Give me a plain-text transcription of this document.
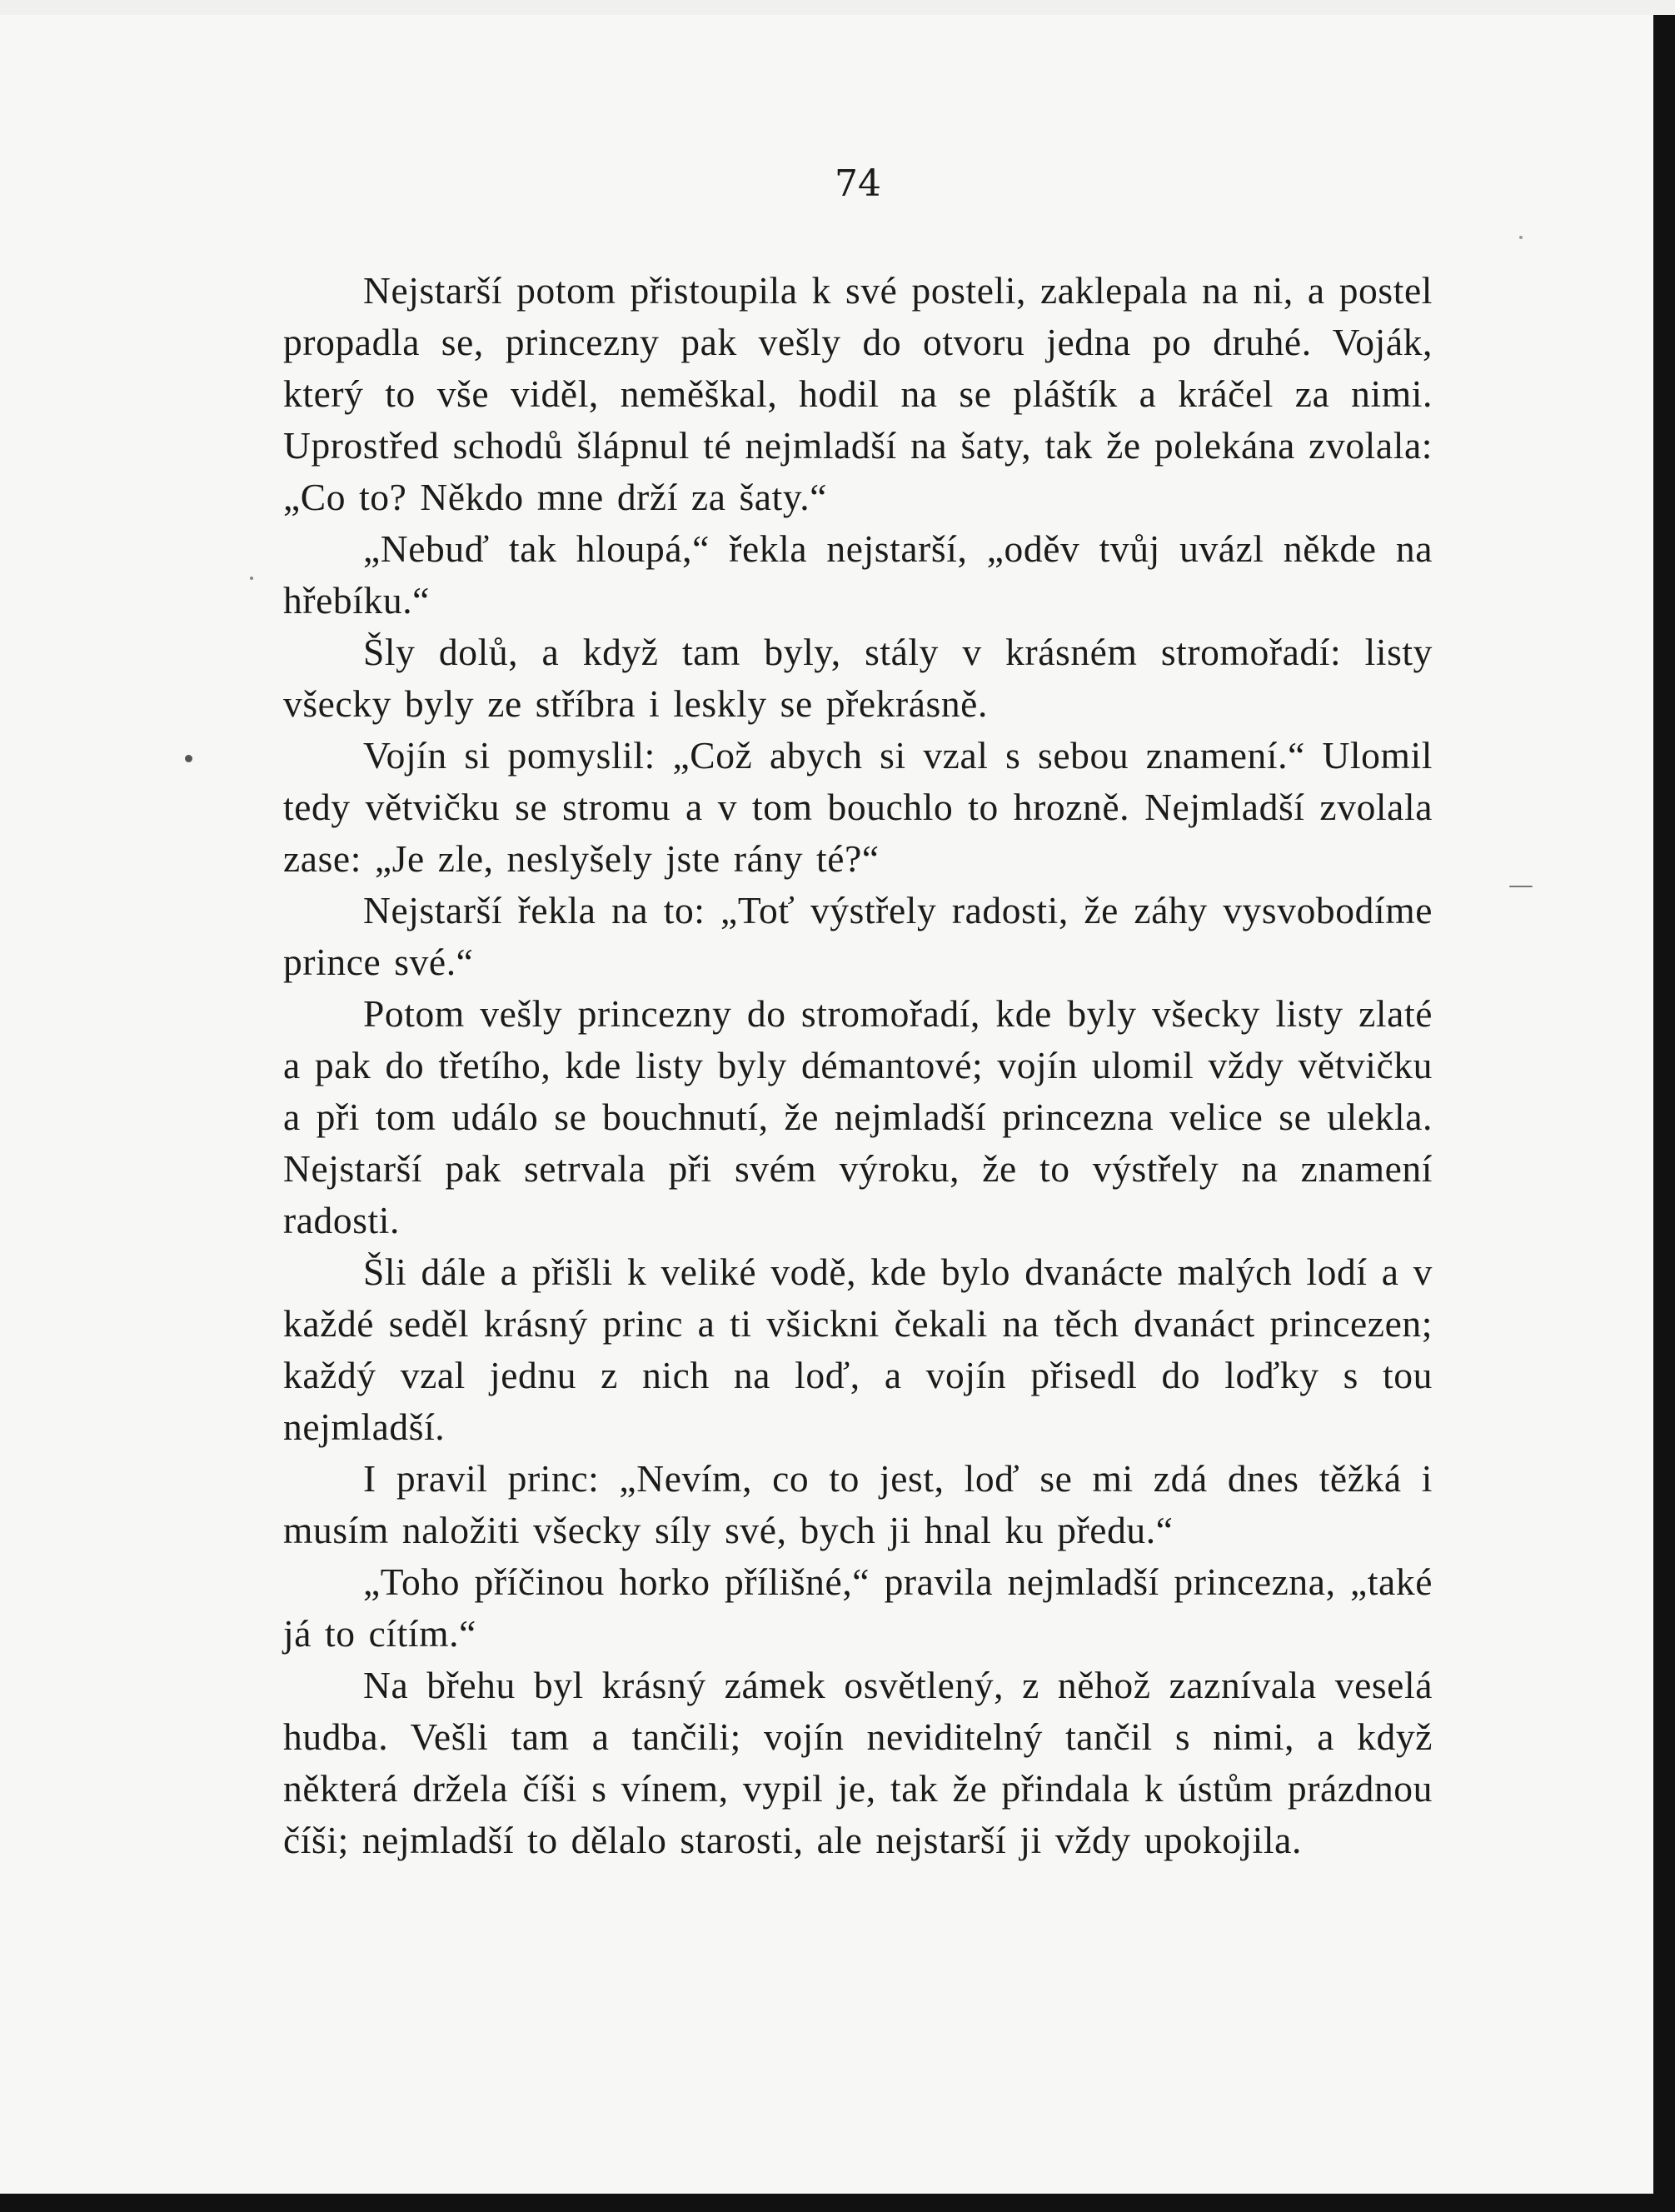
74

Nejstarší potom přistoupila k své posteli, zaklepala na ni, a postel propadla se, princezny pak vešly do otvoru jedna po druhé. Voják, který to vše viděl, neměškal, hodil na se pláštík a kráčel za nimi. Uprostřed schodů šlápnul té nejmladší na šaty, tak že polekána zvolala: „Co to? Někdo mne drží za šaty.“

„Nebuď tak hloupá,“ řekla nejstarší, „oděv tvůj uvázl někde na hřebíku.“

Šly dolů, a když tam byly, stály v krásném stromořadí: listy všecky byly ze stříbra i leskly se překrásně.

Vojín si pomyslil: „Což abych si vzal s sebou znamení.“ Ulomil tedy větvičku se stromu a v tom bouchlo to hrozně. Nejmladší zvolala zase: „Je zle, neslyšely jste rány té?“

Nejstarší řekla na to: „Toť výstřely radosti, že záhy vysvobodíme prince své.“

Potom vešly princezny do stromořadí, kde byly všecky listy zlaté a pak do třetího, kde listy byly démantové; vojín ulomil vždy větvičku a při tom událo se bouchnutí, že nejmladší princezna velice se ulekla. Nejstarší pak setrvala při svém výroku, že to výstřely na znamení radosti.

Šli dále a přišli k veliké vodě, kde bylo dvanácte malých lodí a v každé seděl krásný princ a ti všickni čekali na těch dvanáct princezen; každý vzal jednu z nich na loď, a vojín přisedl do loďky s tou nejmladší.

I pravil princ: „Nevím, co to jest, loď se mi zdá dnes těžká i musím naložiti všecky síly své, bych ji hnal ku předu.“

„Toho příčinou horko přílišné,“ pravila nejmladší princezna, „také já to cítím.“

Na břehu byl krásný zámek osvětlený, z něhož zaznívala veselá hudba. Vešli tam a tančili; vojín neviditelný tančil s nimi, a když některá držela číši s vínem, vypil je, tak že přindala k ústům prázdnou číši; nejmladší to dělalo starosti, ale nejstarší ji vždy upokojila.
